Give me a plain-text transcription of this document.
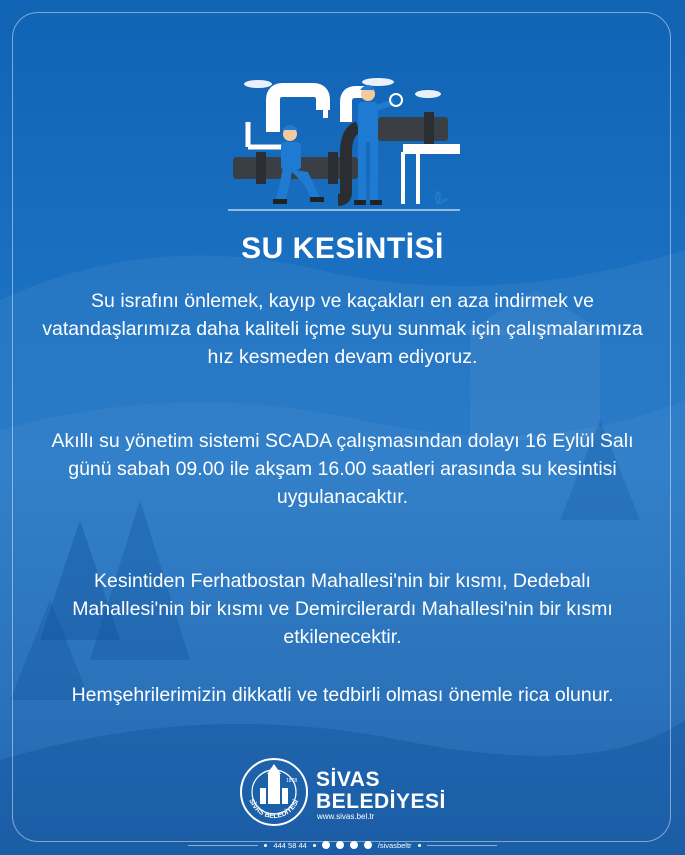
SU KESİNTİSİ

Su israfını önlemek, kayıp ve kaçakları en aza indirmek ve vatandaşlarımıza daha kaliteli içme suyu sunmak için çalışmalarımıza hız kesmeden devam ediyoruz.

Akıllı su yönetim sistemi SCADA çalışmasından dolayı 16 Eylül Salı günü sabah 09.00 ile akşam 16.00 saatleri arasında su kesintisi uygulanacaktır.

Kesintiden Ferhatbostan Mahallesi'nin bir kısmı, Dedebalı Mahallesi'nin bir kısmı ve Demircilerardı Mahallesi'nin bir kısmı etkilenecektir.

Hemşehrilerimizin dikkatli ve tedbirli olması önemle rica olunur.

SİVAS BELEDİYESİ
1878 SİVAS
BELEDİYESİ
www.sivas.bel.tr
444 58 44	/sivasbeltr
